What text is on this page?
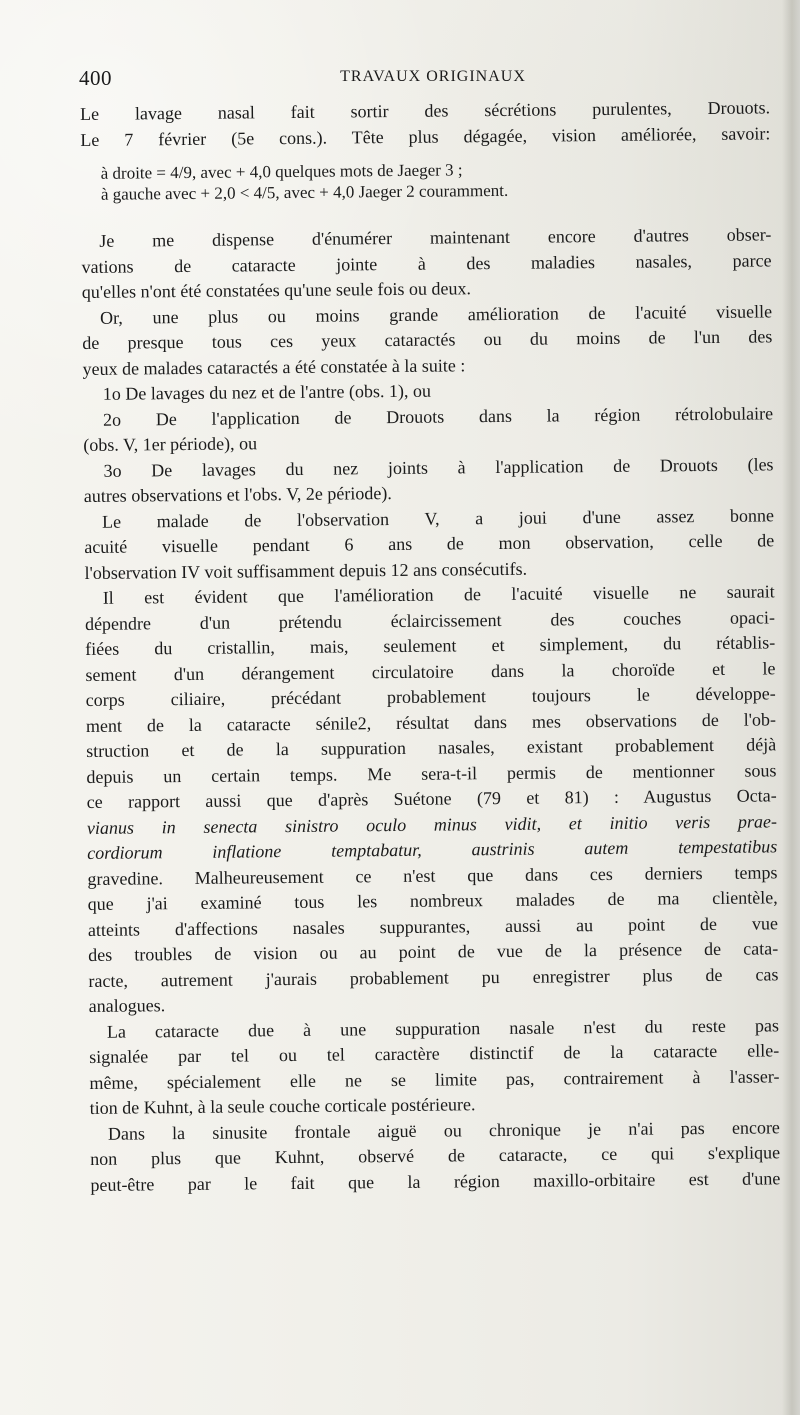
400	TRAVAUX ORIGINAUX
Le lavage nasal fait sortir des sécrétions purulentes, Drouots.
Le 7 février (5e cons.). Tête plus dégagée, vision améliorée, savoir:
à droite = 4/9, avec + 4,0 quelques mots de Jaeger 3 ;
à gauche avec + 2,0 < 4/5, avec + 4,0 Jaeger 2 couramment.
Je me dispense d'énumérer maintenant encore d'autres obser-
vations de cataracte jointe à des maladies nasales, parce
qu'elles n'ont été constatées qu'une seule fois ou deux.
Or, une plus ou moins grande amélioration de l'acuité visuelle
de presque tous ces yeux cataractés ou du moins de l'un des
yeux de malades cataractés a été constatée à la suite :
1o De lavages du nez et de l'antre (obs. 1), ou
2o De l'application de Drouots dans la région rétrolobulaire
(obs. V, 1er période), ou
3o De lavages du nez joints à l'application de Drouots (les
autres observations et l'obs. V, 2e période).
Le malade de l'observation V, a joui d'une assez bonne
acuité visuelle pendant 6 ans de mon observation, celle de
l'observation IV voit suffisamment depuis 12 ans consécutifs.
Il est évident que l'amélioration de l'acuité visuelle ne saurait
dépendre d'un prétendu éclaircissement des couches opaci-
fiées du cristallin, mais, seulement et simplement, du rétablis-
sement d'un dérangement circulatoire dans la choroïde et le
corps ciliaire, précédant probablement toujours le développe-
ment de la cataracte sénile2, résultat dans mes observations de l'ob-
struction et de la suppuration nasales, existant probablement déjà
depuis un certain temps. Me sera-t-il permis de mentionner sous
ce rapport aussi que d'après Suétone (79 et 81) : Augustus Octa-
vianus in senecta sinistro oculo minus vidit, et initio veris prae-
cordiorum inflatione temptabatur, austrinis autem tempestatibus
gravedine. Malheureusement ce n'est que dans ces derniers temps
que j'ai examiné tous les nombreux malades de ma clientèle,
atteints d'affections nasales suppurantes, aussi au point de vue
des troubles de vision ou au point de vue de la présence de cata-
racte, autrement j'aurais probablement pu enregistrer plus de cas
analogues.
La cataracte due à une suppuration nasale n'est du reste pas
signalée par tel ou tel caractère distinctif de la cataracte elle-
même, spécialement elle ne se limite pas, contrairement à l'asser-
tion de Kuhnt, à la seule couche corticale postérieure.
Dans la sinusite frontale aiguë ou chronique je n'ai pas encore
non plus que Kuhnt, observé de cataracte, ce qui s'explique
peut-être par le fait que la région maxillo-orbitaire est d'une
